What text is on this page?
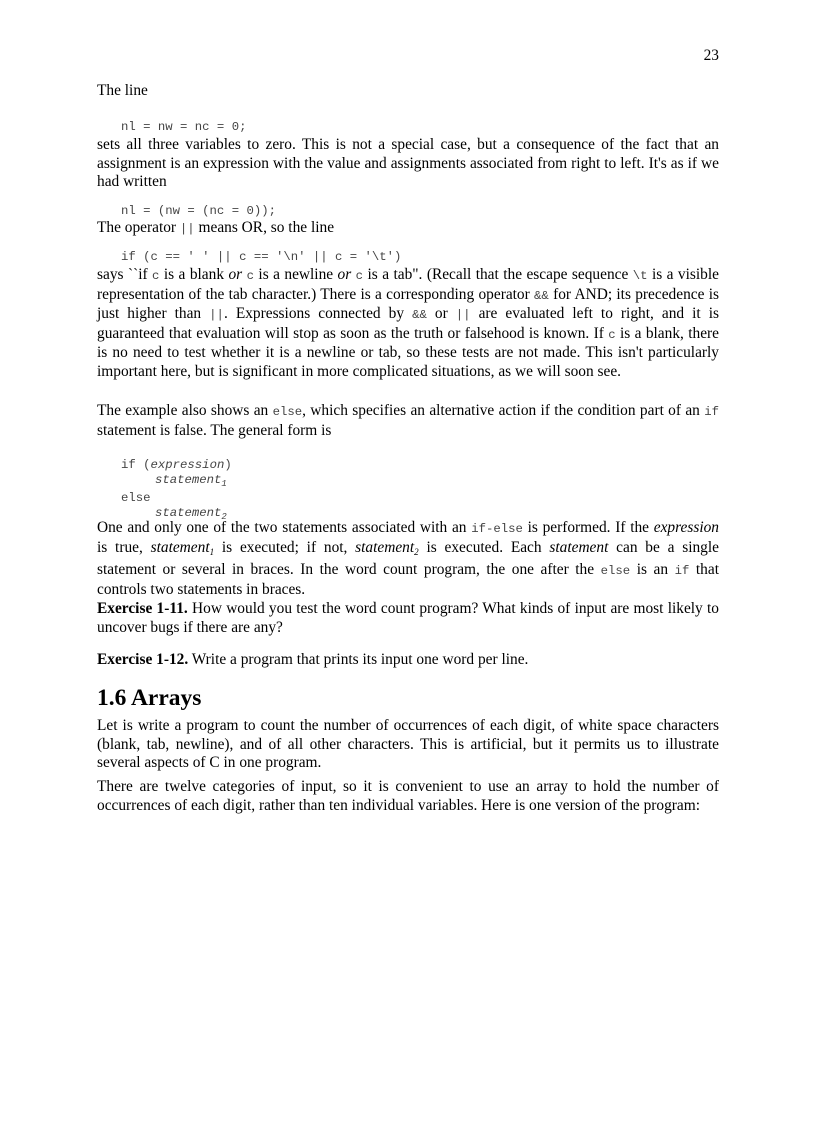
23

The line

nl = nw = nc = 0;

sets all three variables to zero. This is not a special case, but a consequence of the fact that an assignment is an expression with the value and assignments associated from right to left. It's as if we had written

nl = (nw = (nc = 0));

The operator || means OR, so the line

if (c == ' ' || c == '\n' || c = '\t')

says ``if c is a blank or c is a newline or c is a tab". (Recall that the escape sequence \t is a visible representation of the tab character.) There is a corresponding operator && for AND; its precedence is just higher than ||. Expressions connected by && or || are evaluated left to right, and it is guaranteed that evaluation will stop as soon as the truth or falsehood is known. If c is a blank, there is no need to test whether it is a newline or tab, so these tests are not made. This isn't particularly important here, but is significant in more complicated situations, as we will soon see.

The example also shows an else, which specifies an alternative action if the condition part of an if statement is false. The general form is

if (expression)
statement$_1$
else
statement$_2$

One and only one of the two statements associated with an if-else is performed. If the expression is true, statement$_1$ is executed; if not, statement$_2$ is executed. Each statement can be a single statement or several in braces. In the word count program, the one after the else is an if that controls two statements in braces.

Exercise 1-11. How would you test the word count program? What kinds of input are most likely to uncover bugs if there are any?

Exercise 1-12. Write a program that prints its input one word per line.

1.6 Arrays

Let is write a program to count the number of occurrences of each digit, of white space characters (blank, tab, newline), and of all other characters. This is artificial, but it permits us to illustrate several aspects of C in one program.

There are twelve categories of input, so it is convenient to use an array to hold the number of occurrences of each digit, rather than ten individual variables. Here is one version of the program:
